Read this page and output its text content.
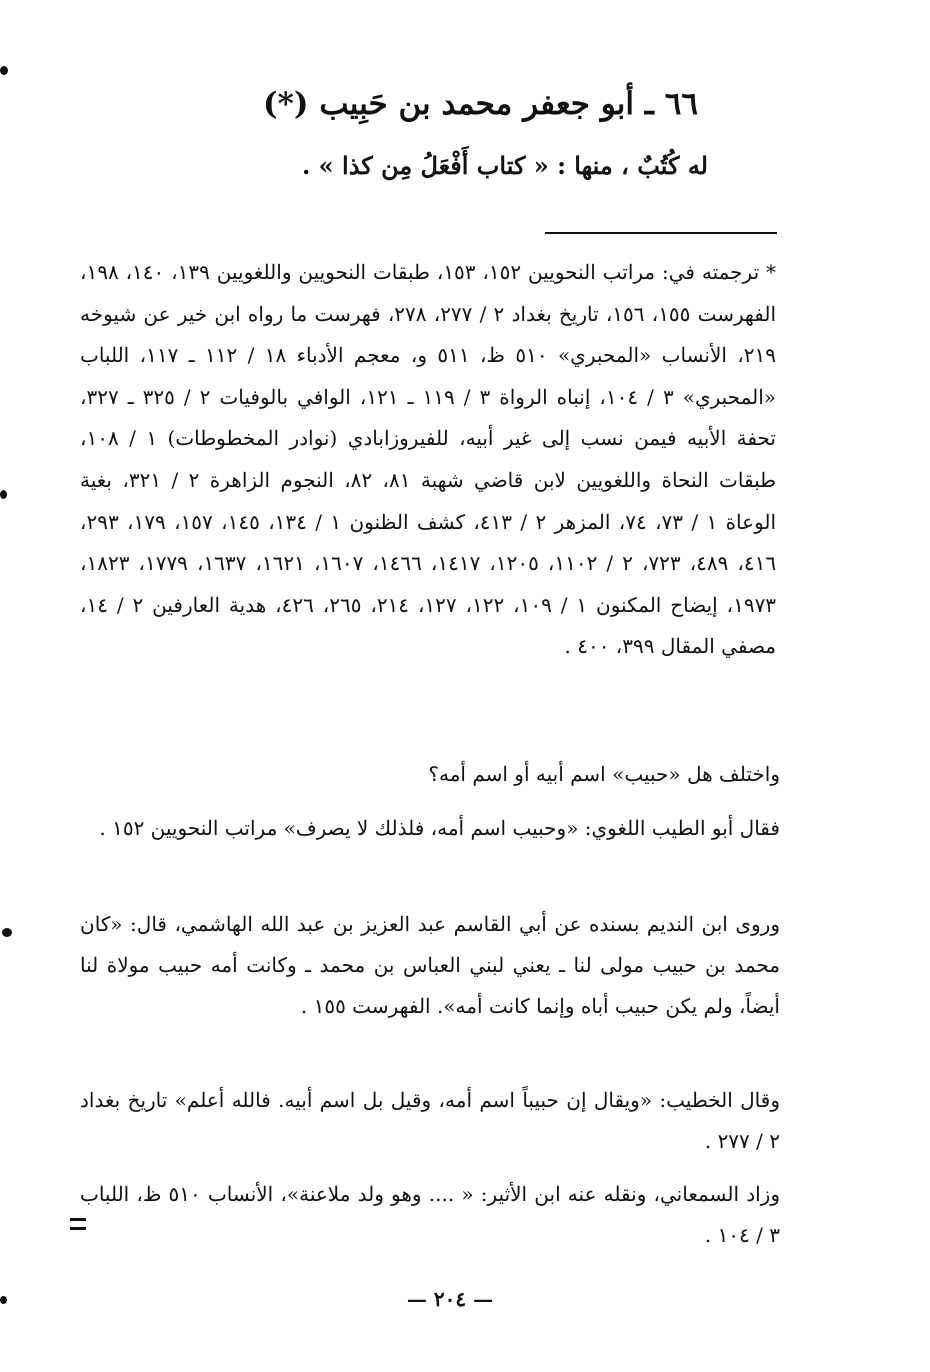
٦٦ ـ أبو جعفر محمد بن حَبِيب (*)
له كُتُبٌ ، منها : « كتاب أَفْعَلُ مِن كذا » .
* ترجمته في: مراتب النحويين ١٥٢، ١٥٣، طبقات النحويين واللغويين ١٣٩، ١٤٠، ١٩٨، الفهرست ١٥٥، ١٥٦، تاريخ بغداد ٢ / ٢٧٧، ٢٧٨، فهرست ما رواه ابن خير عن شيوخه ٢١٩، الأنساب «المحبري» ٥١٠ ظ، ٥١١ و، معجم الأدباء ١٨ / ١١٢ ـ ١١٧، اللباب «المحبري» ٣ / ١٠٤، إنباه الرواة ٣ / ١١٩ ـ ١٢١، الوافي بالوفيات ٢ / ٣٢٥ ـ ٣٢٧، تحفة الأبيه فيمن نسب إلى غير أبيه، للفيروزابادي (نوادر المخطوطات) ١ / ١٠٨، طبقات النحاة واللغويين لابن قاضي شهبة ٨١، ٨٢، النجوم الزاهرة ٢ / ٣٢١، بغية الوعاة ١ / ٧٣، ٧٤، المزهر ٢ / ٤١٣، كشف الظنون ١ / ١٣٤، ١٤٥، ١٥٧، ١٧٩، ٢٩٣، ٤١٦، ٤٨٩، ٧٢٣، ٢ / ١١٠٢، ١٢٠٥، ١٤١٧، ١٤٦٦، ١٦٠٧، ١٦٢١، ١٦٣٧، ١٧٧٩، ١٨٢٣، ١٩٧٣، إيضاح المكنون ١ / ١٠٩، ١٢٢، ١٢٧، ٢١٤، ٢٦٥، ٤٢٦، هدية العارفين ٢ / ١٤، مصفي المقال ٣٩٩، ٤٠٠ .
واختلف هل «حبيب» اسم أبيه أو اسم أمه؟
فقال أبو الطيب اللغوي: «وحبيب اسم أمه، فلذلك لا يصرف» مراتب النحويين ١٥٢ .
وروى ابن النديم بسنده عن أبي القاسم عبد العزيز بن عبد الله الهاشمي، قال: «كان محمد بن حبيب مولى لنا ـ يعني لبني العباس بن محمد ـ وكانت أمه حبيب مولاة لنا أيضاً، ولم يكن حبيب أباه وإنما كانت أمه». الفهرست ١٥٥ .
وقال الخطيب: «ويقال إن حبيباً اسم أمه، وقيل بل اسم أبيه. فالله أعلم» تاريخ بغداد ٢ / ٢٧٧ .
وزاد السمعاني، ونقله عنه ابن الأثير: « .... وهو ولد ملاعنة»، الأنساب ٥١٠ ظ، اللباب ٣ / ١٠٤ .
— ٢٠٤ —
